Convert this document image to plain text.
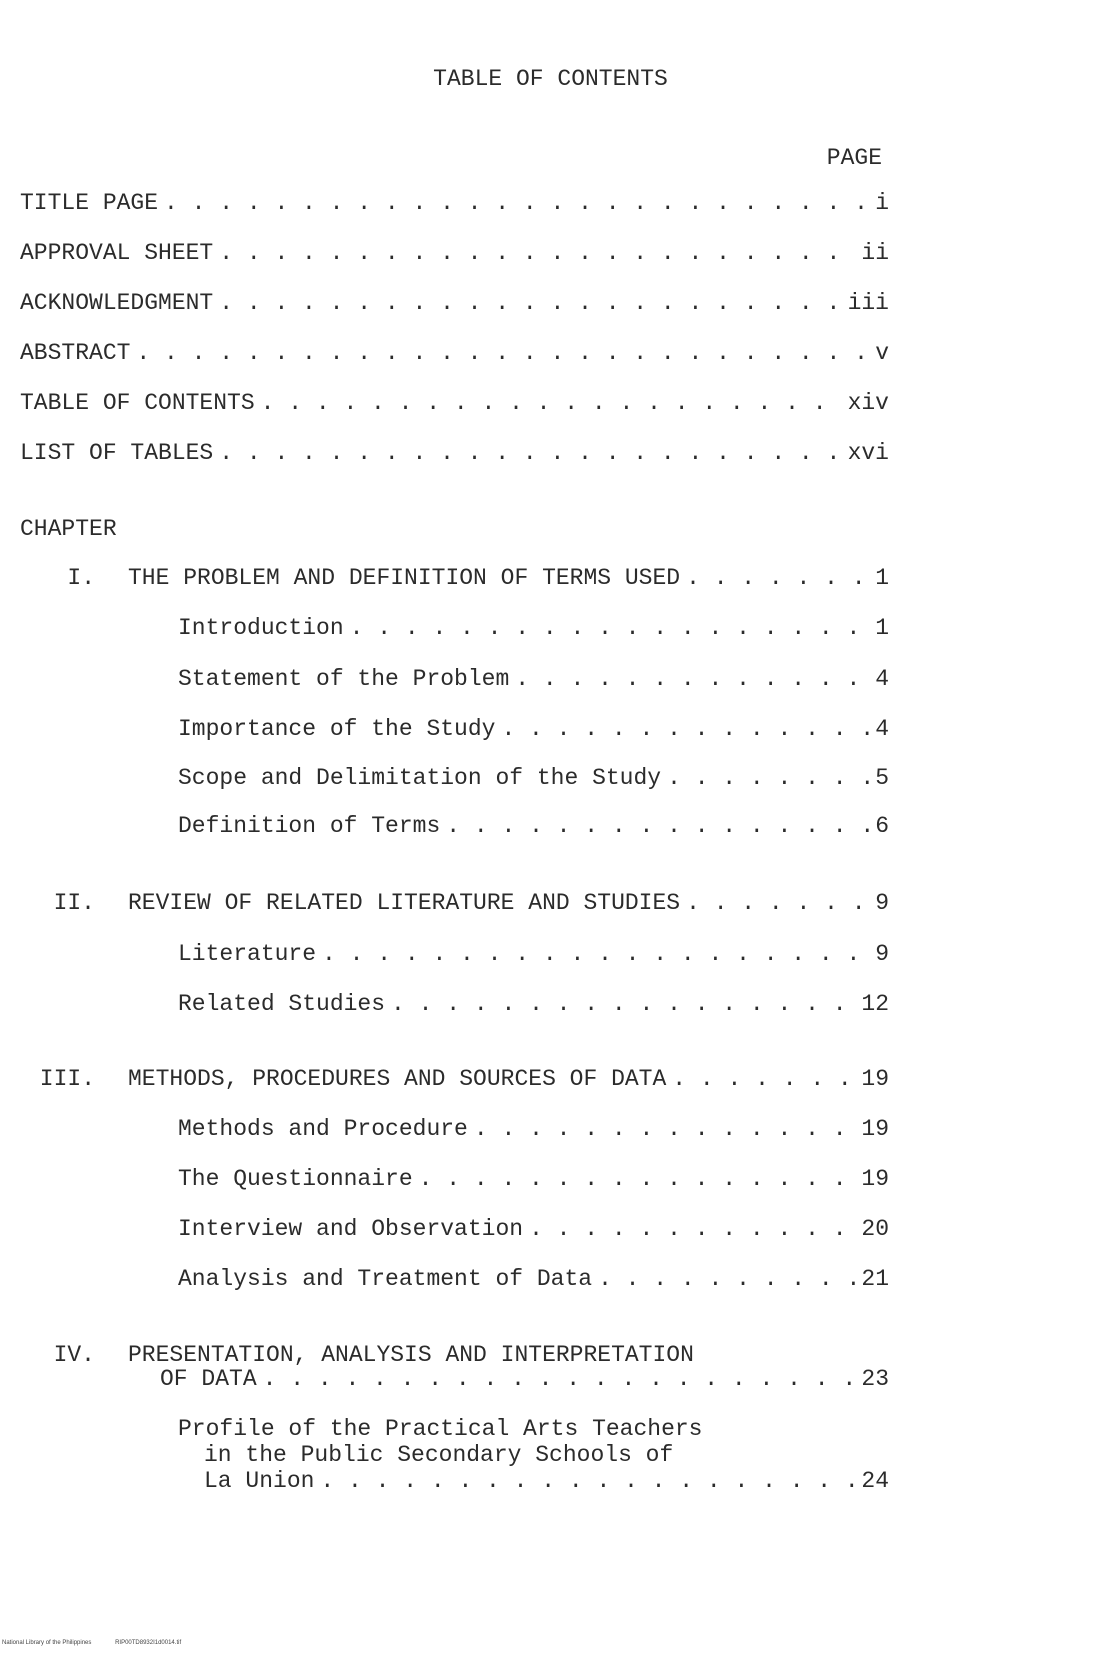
TABLE OF CONTENTS
PAGE
TITLE PAGE . . .	i
APPROVAL SHEET . . .	ii
ACKNOWLEDGMENT . . .	iii
ABSTRACT . . .	v
TABLE OF CONTENTS . . .	xiv
LIST OF TABLES . . .	xvi
CHAPTER
I. THE PROBLEM AND DEFINITION OF TERMS USED . . .	1
Introduction . . .	1
Statement of the Problem . . .	4
Importance of the Study . . .	4
Scope and Delimitation of the Study . . .	5
Definition of Terms . . .	6
II. REVIEW OF RELATED LITERATURE AND STUDIES . . .	9
Literature . . .	9
Related Studies . . .	12
III. METHODS, PROCEDURES AND SOURCES OF DATA . . .	19
Methods and Procedure . . .	19
The Questionnaire . . .	19
Interview and Observation . . .	20
Analysis and Treatment of Data . . .	21
IV. PRESENTATION, ANALYSIS AND INTERPRETATION
OF DATA . . .	23
Profile of the Practical Arts Teachers
in the Public Secondary Schools of
La Union . . .	24
National Library of the Philippines	RIP00TD8932I1d0014.tif
